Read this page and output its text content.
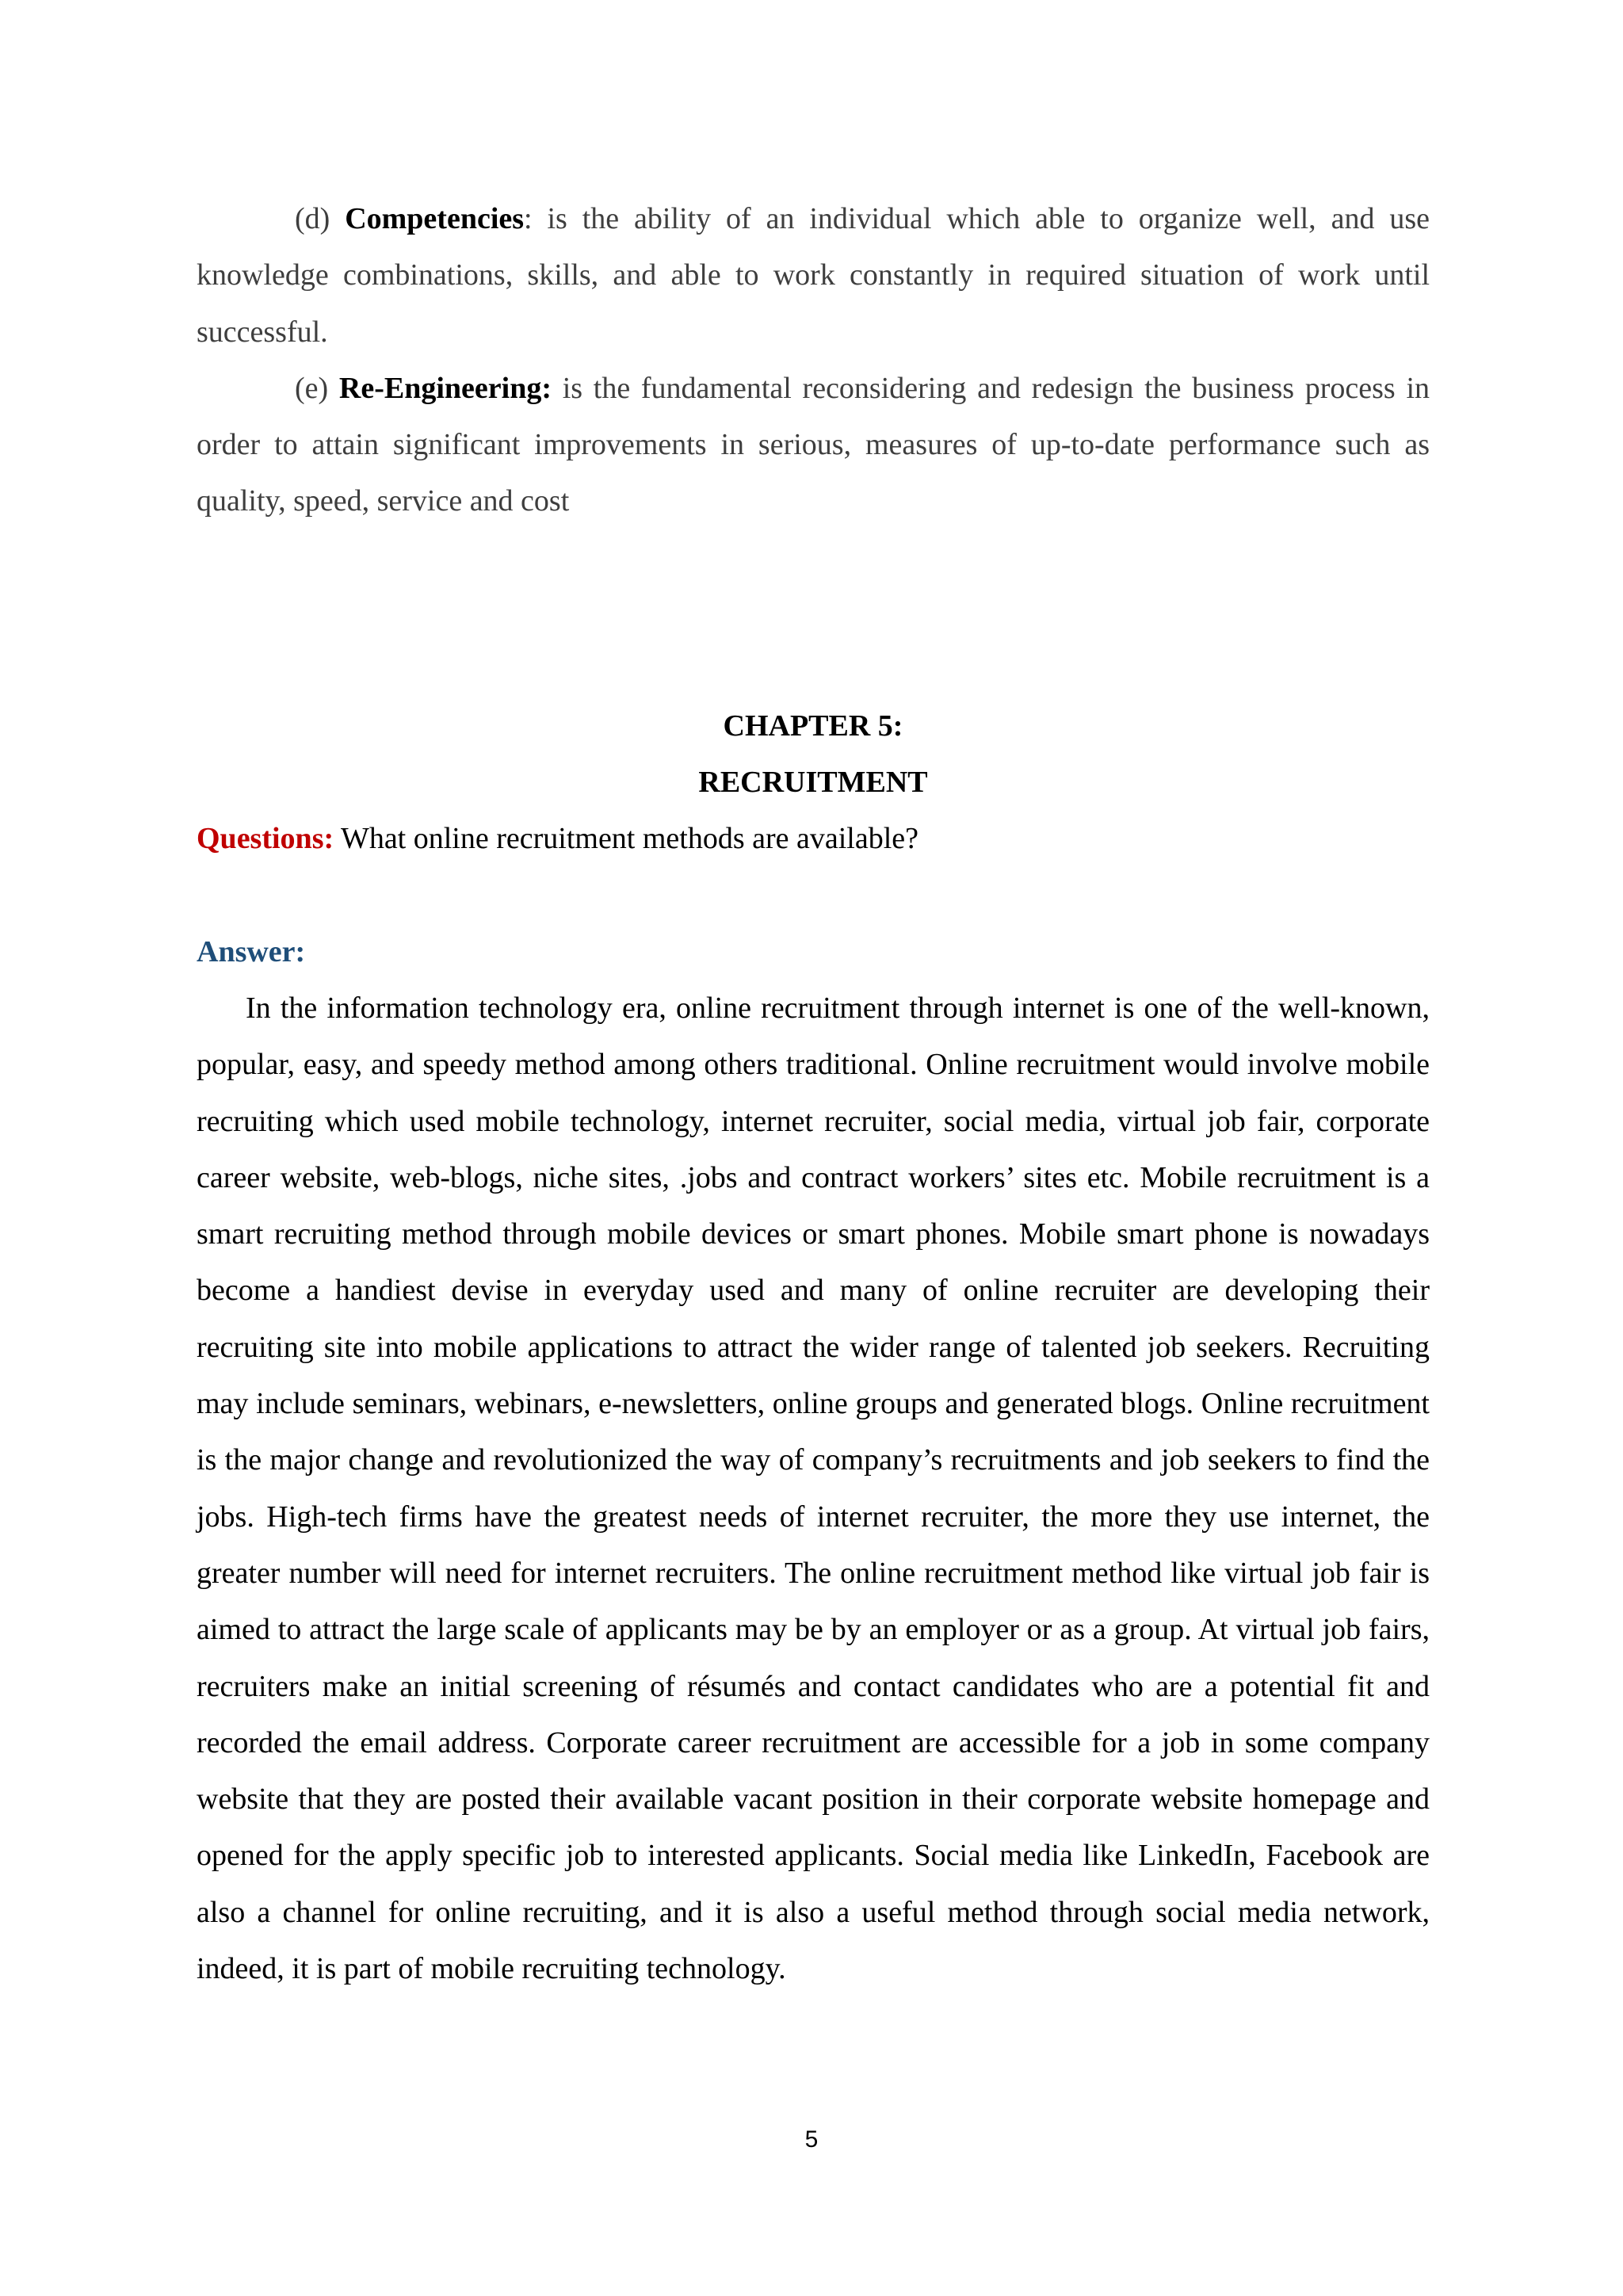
(d) Competencies: is the ability of an individual which able to organize well, and use knowledge combinations, skills, and able to work constantly in required situation of work until successful.

(e) Re-Engineering: is the fundamental reconsidering and redesign the business process in order to attain significant improvements in serious, measures of up-to-date performance such as quality, speed, service and cost

CHAPTER 5:
RECRUITMENT
Questions: What online recruitment methods are available?
Answer:
In the information technology era, online recruitment through internet is one of the well-known, popular, easy, and speedy method among others traditional. Online recruitment would involve mobile recruiting which used mobile technology, internet recruiter, social media, virtual job fair, corporate career website, web-blogs, niche sites, .jobs and contract workers’ sites etc. Mobile recruitment is a smart recruiting method through mobile devices or smart phones. Mobile smart phone is nowadays become a handiest devise in everyday used and many of online recruiter are developing their recruiting site into mobile applications to attract the wider range of talented job seekers. Recruiting may include seminars, webinars, e-newsletters, online groups and generated blogs. Online recruitment is the major change and revolutionized the way of company’s recruitments and job seekers to find the jobs. High-tech firms have the greatest needs of internet recruiter, the more they use internet, the greater number will need for internet recruiters. The online recruitment method like virtual job fair is aimed to attract the large scale of applicants may be by an employer or as a group. At virtual job fairs, recruiters make an initial screening of résumés and contact candidates who are a potential fit and recorded the email address. Corporate career recruitment are accessible for a job in some company website that they are posted their available vacant position in their corporate website homepage and opened for the apply specific job to interested applicants. Social media like LinkedIn, Facebook are also a channel for online recruiting, and it is also a useful method through social media network, indeed, it is part of mobile recruiting technology.
5
